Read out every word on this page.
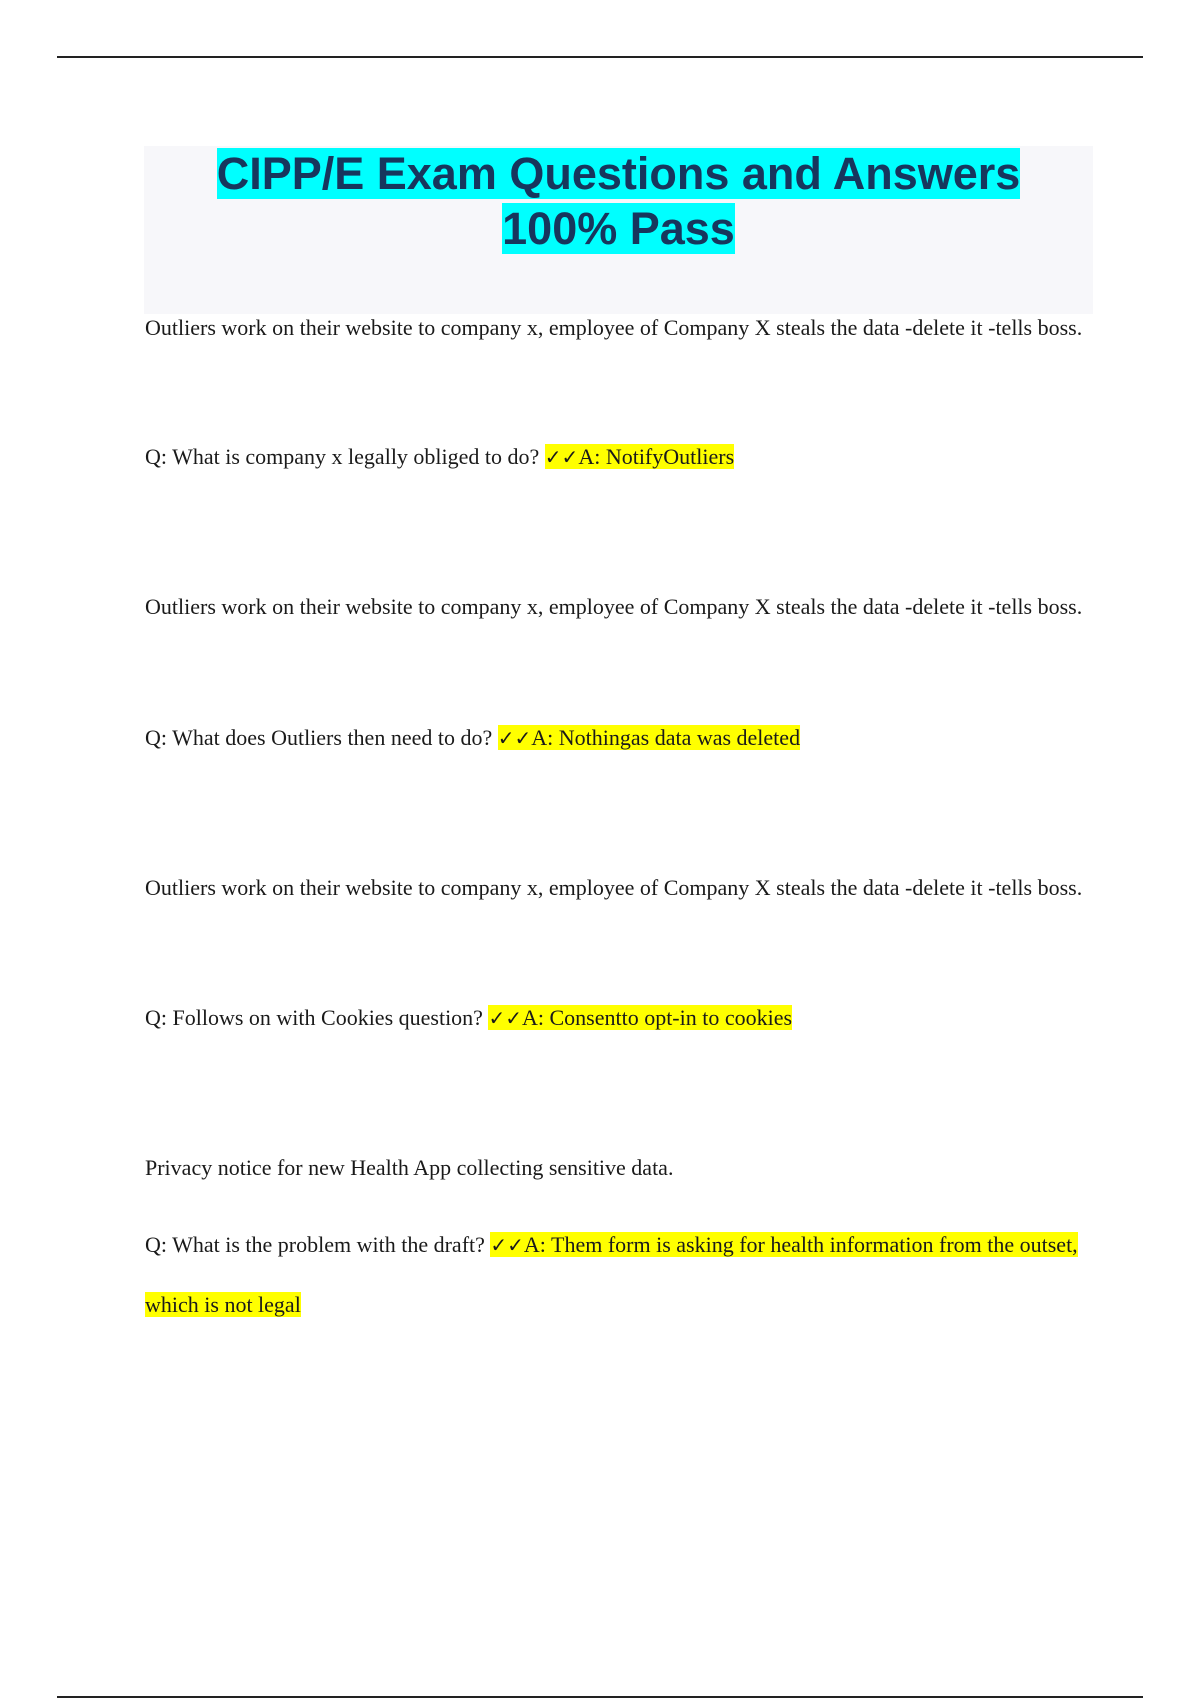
CIPP/E Exam Questions and Answers
100% Pass

Outliers work on their website to company x, employee of Company X steals the data -delete it -tells boss.

Q: What is company x legally obliged to do? ✓✓A: NotifyOutliers

Outliers work on their website to company x, employee of Company X steals the data -delete it -tells boss.

Q: What does Outliers then need to do? ✓✓A: Nothingas data was deleted

Outliers work on their website to company x, employee of Company X steals the data -delete it -tells boss.

Q: Follows on with Cookies question? ✓✓A: Consentto opt-in to cookies

Privacy notice for new Health App collecting sensitive data.

Q: What is the problem with the draft? ✓✓A: Them form is asking for health information from the outset, which is not legal
